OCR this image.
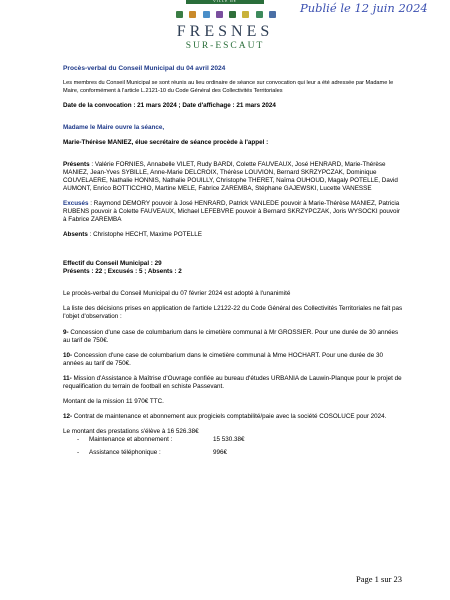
VILLE DE
FRESNES
SUR-ESCAUT
Publié le 12 juin 2024

Procès-verbal du Conseil Municipal du 04 avril 2024

Les membres du Conseil Municipal se sont réunis au lieu ordinaire de séance sur convocation qui leur a été adressée par Madame le Maire, conformément à l'article L.2121-10 du Code Général des Collectivités Territoriales

Date de la convocation : 21 mars 2024 ; Date d'affichage : 21 mars 2024

Madame le Maire ouvre la séance,

Marie-Thérèse MANIEZ, élue secrétaire de séance procède à l'appel :

Présents : Valérie FORNIES, Annabelle VILET, Rudy BARDI, Colette FAUVEAUX, José HENRARD, Marie-Thérèse MANIEZ, Jean-Yves SYBILLE, Anne-Marie DELCROIX, Thérèse LOUVION, Bernard SKRZYPCZAK, Dominique COUVELAERE, Nathalie HONNIS, Nathalie POUILLY, Christophe THERET, Naïma OUHOUD, Magaly POTELLE, David AUMONT, Enrico BOTTICCHIO, Martine MELE, Fabrice ZAREMBA, Stéphane GAJEWSKI, Lucette VANESSE

Excusés : Raymond DEMORY pouvoir à José HENRARD, Patrick VANLEDE pouvoir à Marie-Thérèse MANIEZ, Patricia RUBENS pouvoir à Colette FAUVEAUX, Michael LEFEBVRE pouvoir à Bernard SKRZYPCZAK, Joris WYSOCKI pouvoir à Fabrice ZAREMBA

Absents : Christophe HECHT, Maxime POTELLE

Effectif du Conseil Municipal : 29

Présents : 22 ; Excusés : 5 ; Absents : 2

Le procès-verbal du Conseil Municipal du 07 février 2024 est adopté à l'unanimité

La liste des décisions prises en application de l'article L2122-22 du Code Général des Collectivités Territoriales ne fait pas l'objet d'observation :

9- Concession d'une case de columbarium dans le cimetière communal à Mr GROSSIER. Pour une durée de 30 années au tarif de 750€.

10- Concession d'une case de columbarium dans le cimetière communal à Mme HOCHART. Pour une durée de 30 années au tarif de 750€.

11- Mission d'Assistance à Maîtrise d'Ouvrage confiée au bureau d'études URBANIA de Lauwin-Planque pour le projet de requalification du terrain de football en schiste Passevant.

Montant de la mission 11 970€ TTC.

12- Contrat de maintenance et abonnement aux progiciels comptabilité/paie avec la société COSOLUCE pour 2024.

Le montant des prestations s'élève à 16 526.38€

-	Maintenance et abonnement :	15 530.38€
-	Assistance téléphonique :	996€
Page 1 sur 23
